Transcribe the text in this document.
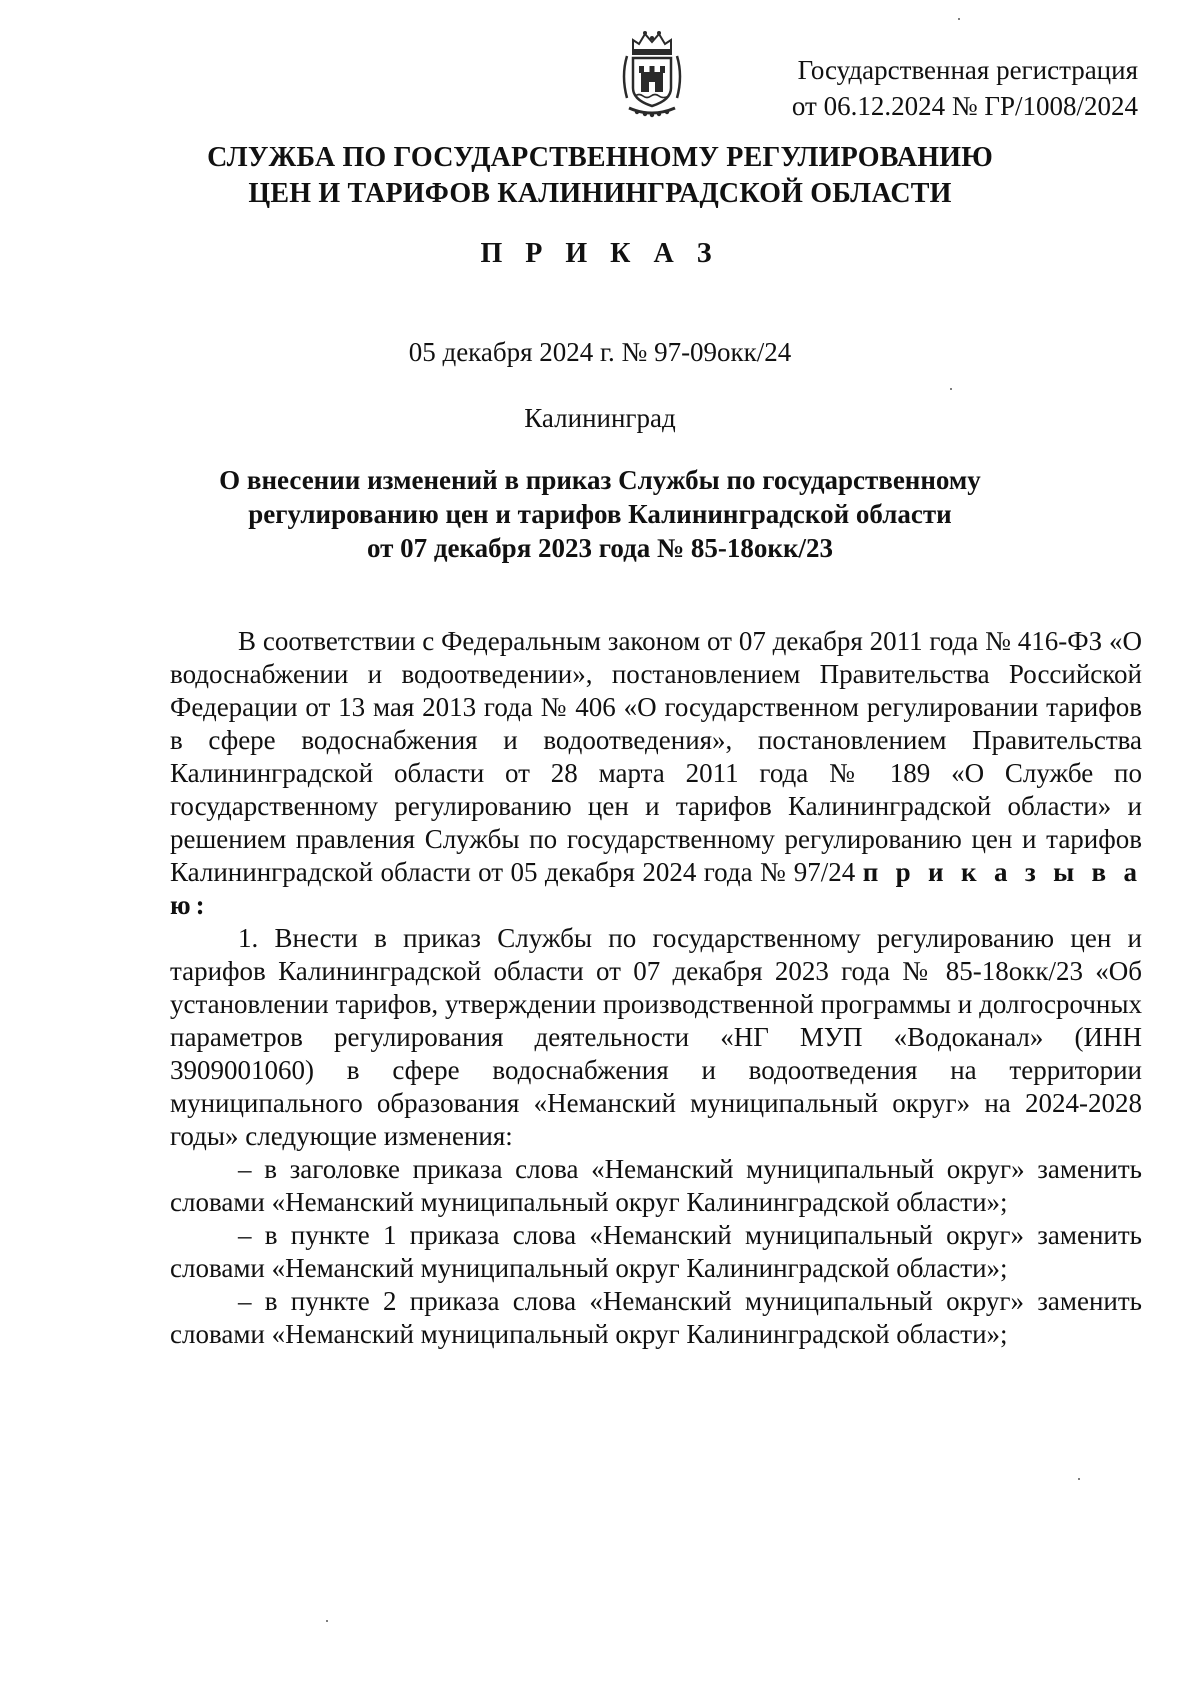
Государственная регистрация
от 06.12.2024 № ГР/1008/2024
СЛУЖБА ПО ГОСУДАРСТВЕННОМУ РЕГУЛИРОВАНИЮ
ЦЕН И ТАРИФОВ КАЛИНИНГРАДСКОЙ ОБЛАСТИ
П Р И К А З
05 декабря 2024 г. № 97-09окк/24
Калининград
О внесении изменений в приказ Службы по государственному
регулированию цен и тарифов Калининградской области
от 07 декабря 2023 года № 85-18окк/23

В соответствии с Федеральным законом от 07 декабря 2011 года № 416-ФЗ «О водоснабжении и водоотведении», постановлением Правительства Российской Федерации от 13 мая 2013 года № 406 «О государственном регулировании тарифов в сфере водоснабжения и водоотведения», постановлением Правительства Калининградской области от 28 марта 2011 года № 189 «О Службе по государственному регулированию цен и тарифов Калининградской области» и решением правления Службы по государственному регулированию цен и тарифов Калининградской области от 05 декабря 2024 года № 97/24 п р и к а з ы в а ю:

1. Внести в приказ Службы по государственному регулированию цен и тарифов Калининградской области от 07 декабря 2023 года № 85-18окк/23 «Об установлении тарифов, утверждении производственной программы и долгосрочных параметров регулирования деятельности «НГ МУП «Водоканал» (ИНН 3909001060) в сфере водоснабжения и водоотведения на территории муниципального образования «Неманский муниципальный округ» на 2024-2028 годы» следующие изменения:

– в заголовке приказа слова «Неманский муниципальный округ» заменить словами «Неманский муниципальный округ Калининградской области»;

– в пункте 1 приказа слова «Неманский муниципальный округ» заменить словами «Неманский муниципальный округ Калининградской области»;

– в пункте 2 приказа слова «Неманский муниципальный округ» заменить словами «Неманский муниципальный округ Калининградской области»;
